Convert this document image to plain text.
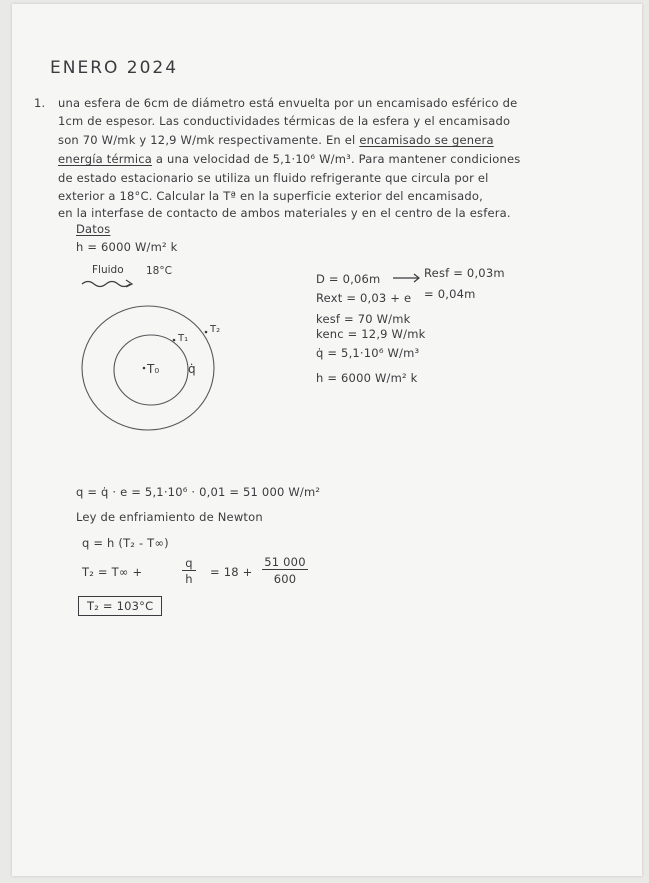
ENERO 2024
1. una esfera de 6cm de diámetro está envuelta por un encamisado esférico de
1cm de espesor. Las conductividades térmicas de la esfera y el encamisado
son 70 W/mk y 12,9 W/mk respectivamente. En el encamisado se genera
energía térmica a una velocidad de 5,1·10⁶ W/m³. Para mantener condiciones
de estado estacionario se utiliza un fluido refrigerante que circula por el
exterior a 18°C. Calcular la Tª en la superficie exterior del encamisado,
en la interfase de contacto de ambos materiales y en el centro de la esfera.
Datos
h = 6000 W/m² k
Fluido 18°C
T₀
T₁
T₂
q̇
D = 0,06m	Resf = 0,03m
Rext = 0,03 + e = 0,04m
kesf = 70 W/mk
kenc = 12,9 W/mk
q̇ = 5,1·10⁶ W/m³
h = 6000 W/m² k
q = q̇ · e = 5,1·10⁶ · 0,01 = 51 000 W/m²
Ley de enfriamiento de Newton
q = h (T₂ - T∞)
T₂ = T∞ +
q
h = 18 +
51 000
600
T₂ = 103°C
